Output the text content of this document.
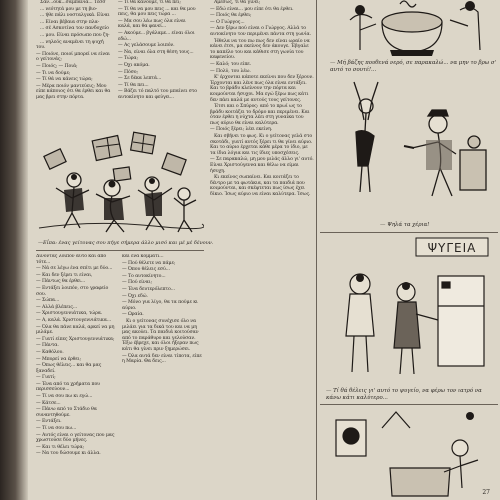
Σαν...ουκ...σαμπάνια... Τέσσ

... νεότητά μου με τη βιο-

... ήθε πάλι νοσταλγικά. Είναι

... Είναι βέβαια στην πλα-

... σέ Ασκοτίνα τον πανδοχείο

... μου. Είναι πρόσωπο που ζη-

... νηλεός αναμένει τη ψυχή του.

— Ποιόνε, ποιοί μπορεί να είναι ο γείτονάς;

— Ποιός; — Ποιά;

— Τι να δούμε;

— Τί θά να κάνεις τώρα;

— Μέρα ποιόν μαντεύεις; Μου είπε κάποιος ότι θα έρθει και θα μας βρει στην πόρτα.

— Τί θα κάνουμε, τί θα πει;

— Τί θα να μου πεις ... και θα μου πεις, θα μου πεις τώρα ...

— Μα σου λέω πως όλα είναι καλά, και θα φανεί...

— Ακούμε... βγάλαμε... είναι όλοι εδώ...

— Ας γελάσουμε λοιπόν.

— Να, είναι όλα στη θέση τους...

— Τώρα;

— Όχι ακόμα.

— Πόσο;

— Σε δέκα λεπτά...

— Τί θα πει...

— Βάζει τό παλτό του μπαίνει στο αυτοκίνητο και φεύγει...

—Εΐπα: ένας γείτονας σου πήγε σήμερα άλλο μισό και μέ μέ δένουν.

Δίνοντας λοιπόν αυτό και από τότε...

— Νά σε λέγω ένα σπίτι με δύο...

— Και δεν ξέρει τι είναι,

— Πάντως θα έρθει...

— Εντάξει λοιπόν, στο γραφείο σου.

— Σώπα...

— Αλλά βλέπεις...

— Χριστουγεννιάτικα, τώρα.

— Α, καλά. Χριστουγεννιάτικα...

— Όλα θα πάνε καλά, αρκεί να μη μιλάμε.

— Γιατί είπες Χριστουγεννιάτικα;

— Πάντα.

— Καθόλου.

— Μπορεί να έρθει;

— Όπως θέλεις... και θα μας ξαναδεί.

— Γιατί;

— Ένα από τα χρήματα που περισσεύουν...

— Τί να σου πω κι εγώ...

— Κάτσε...

— Πάνω από το Στάδιο θα συναντηθούμε.

— Εντάξει.

— Τί να σου πω...

— Αυτός είναι ο γείτονας που μας χρωστούσε δύο μήνες.

— Και τι θέλει τώρα;

— Να του δώσουμε κι άλλα.

και ένα κομμάτι...

— Πού θέλετε να πάμε;

— Όπου θέλεις εσύ...

— Το αυτοκίνητο...

— Πού είναι;

— Ένα δευτερόλεπτο...

— Όχι εδώ.

— Μόνο για λίγο, θα τα πούμε κι αύριο.

— Ωραία.

Κι ο γείτονας συνέχισε όλο να μιλάει για τα δικά του και να μη μας ακούει. Τα παιδιά κοιτούσαν από το παράθυρο και γελούσαν. Έξω έβρεχε, και όλοι ήξεραν πως κάτι θα γίνει πριν ξημερώσει.

— Όλα αυτά δεν είναι τίποτα, είπε η Μαρία. Θα δεις...

Αμέσως, τί θα γίνει;

— Εδώ είναι... μου είπε ότι θα έρθει.

— Ποιός θα έρθει;

— Ο Γιώργος...

— Δεν ξέρω πού είναι ο Γιώργος. Αλλά το αυτοκίνητο τον περιμένει πάντα στη γωνία.

Ήθελα να του πω πως δεν είναι ωραίο να κάνει έτσι, μα εκείνος δεν άκουγε. Έβγαλε το καπέλο του και κάθισε στη γωνία του καφενείου.

— Καλό; του είπε.

— Πολύ, του λέω.

Κ' έρχονται κάποτε εκείνοι που δεν ξέρουν. Έρχονται και λένε πως όλα είναι εντάξει. Και το βράδυ κλείνουν την πόρτα και κοιμούνται ήσυχοι. Μα εγώ ξέρω πως κάτι δεν πάει καλά με αυτούς τους γείτονες.

Έτσι και ο Σπύρος: από το πρωί ως το βράδυ κοιτάζει το δρόμο και περιμένει. Και όταν έρθει η νύχτα λέει στη γυναίκα του πως αύριο θα είναι καλύτερα.

— Ποιός ξέρει; λέει εκείνη.

Και σβήνει το φως. Κι ο γείτονας γελά στο σκοτάδι, γιατί αυτός ξέρει τι θα γίνει αύριο. Και το αύριο έρχεται κάθε μέρα το ίδιο, με τα ίδια λόγια και τις ίδιες υποσχέσεις.

— Σε παρακαλώ, μη μου μιλάς άλλο γι' αυτό. Είναι Χριστούγεννα και θέλω να είμαι ήσυχη.

Κι εκείνος σωπαίνει. Και κοιτάζει το δέντρο με τα φωτάκια, και τα παιδιά που κοιμούνται, και σκέφτεται πως ίσως έχει δίκιο. Ίσως αύριο να είναι καλύτερα. Ίσως.

— Μή βάζης πουθενά νερό, σε παρακαλώ... να μην το βρω σ' αυτό το σουτέ!...
— Ψηλά τα χέρια!
ΨΥΓΕΙΑ
— Τί θά θέλεις γι' αυτό το ψυγείο, να φέρω τον ιατρό να κάνω κάτι καλύτερο...
27
